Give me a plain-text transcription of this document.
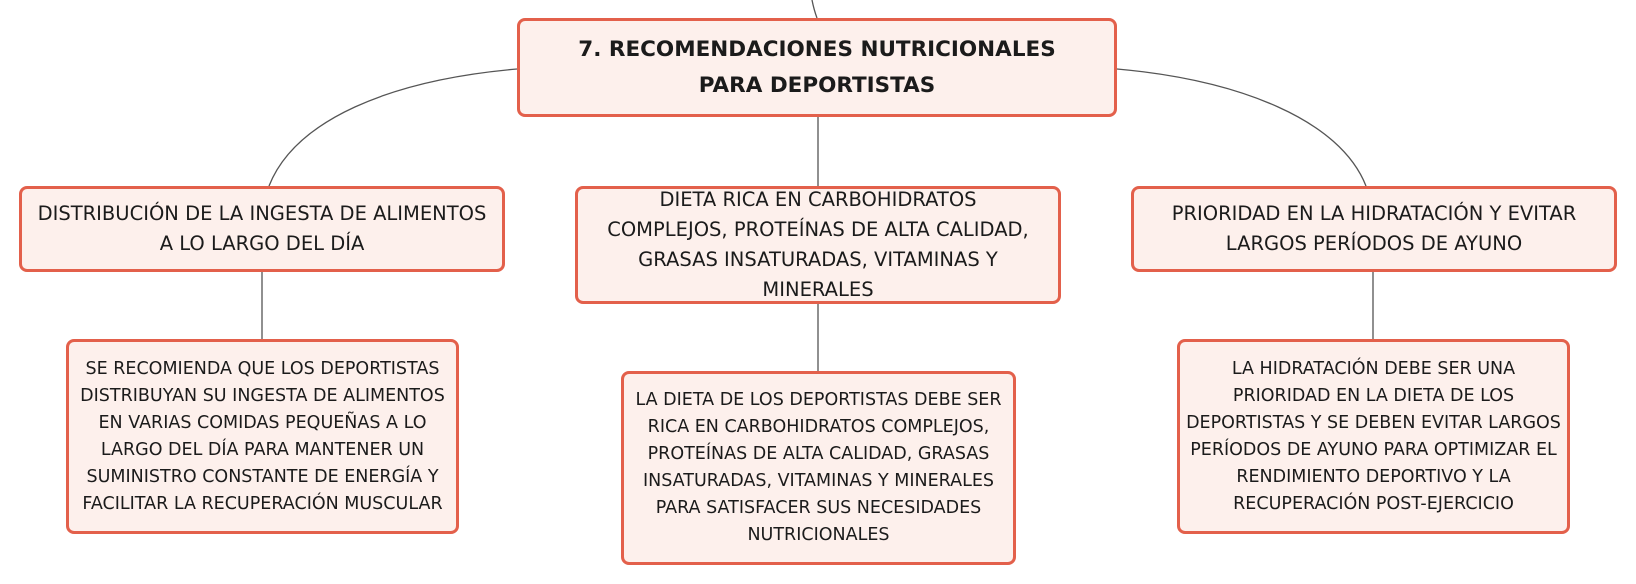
7. RECOMENDACIONES NUTRICIONALES PARA DEPORTISTAS
DISTRIBUCIÓN DE LA INGESTA DE ALIMENTOS A LO LARGO DEL DÍA
DIETA RICA EN CARBOHIDRATOS COMPLEJOS, PROTEÍNAS DE ALTA CALIDAD, GRASAS INSATURADAS, VITAMINAS Y MINERALES
PRIORIDAD EN LA HIDRATACIÓN Y EVITAR LARGOS PERÍODOS DE AYUNO
SE RECOMIENDA QUE LOS DEPORTISTAS DISTRIBUYAN SU INGESTA DE ALIMENTOS EN VARIAS COMIDAS PEQUEÑAS A LO LARGO DEL DÍA PARA MANTENER UN SUMINISTRO CONSTANTE DE ENERGÍA Y FACILITAR LA RECUPERACIÓN MUSCULAR
LA DIETA DE LOS DEPORTISTAS DEBE SER RICA EN CARBOHIDRATOS COMPLEJOS, PROTEÍNAS DE ALTA CALIDAD, GRASAS INSATURADAS, VITAMINAS Y MINERALES PARA SATISFACER SUS NECESIDADES NUTRICIONALES
LA HIDRATACIÓN DEBE SER UNA PRIORIDAD EN LA DIETA DE LOS DEPORTISTAS Y SE DEBEN EVITAR LARGOS PERÍODOS DE AYUNO PARA OPTIMIZAR EL RENDIMIENTO DEPORTIVO Y LA RECUPERACIÓN POST-EJERCICIO
